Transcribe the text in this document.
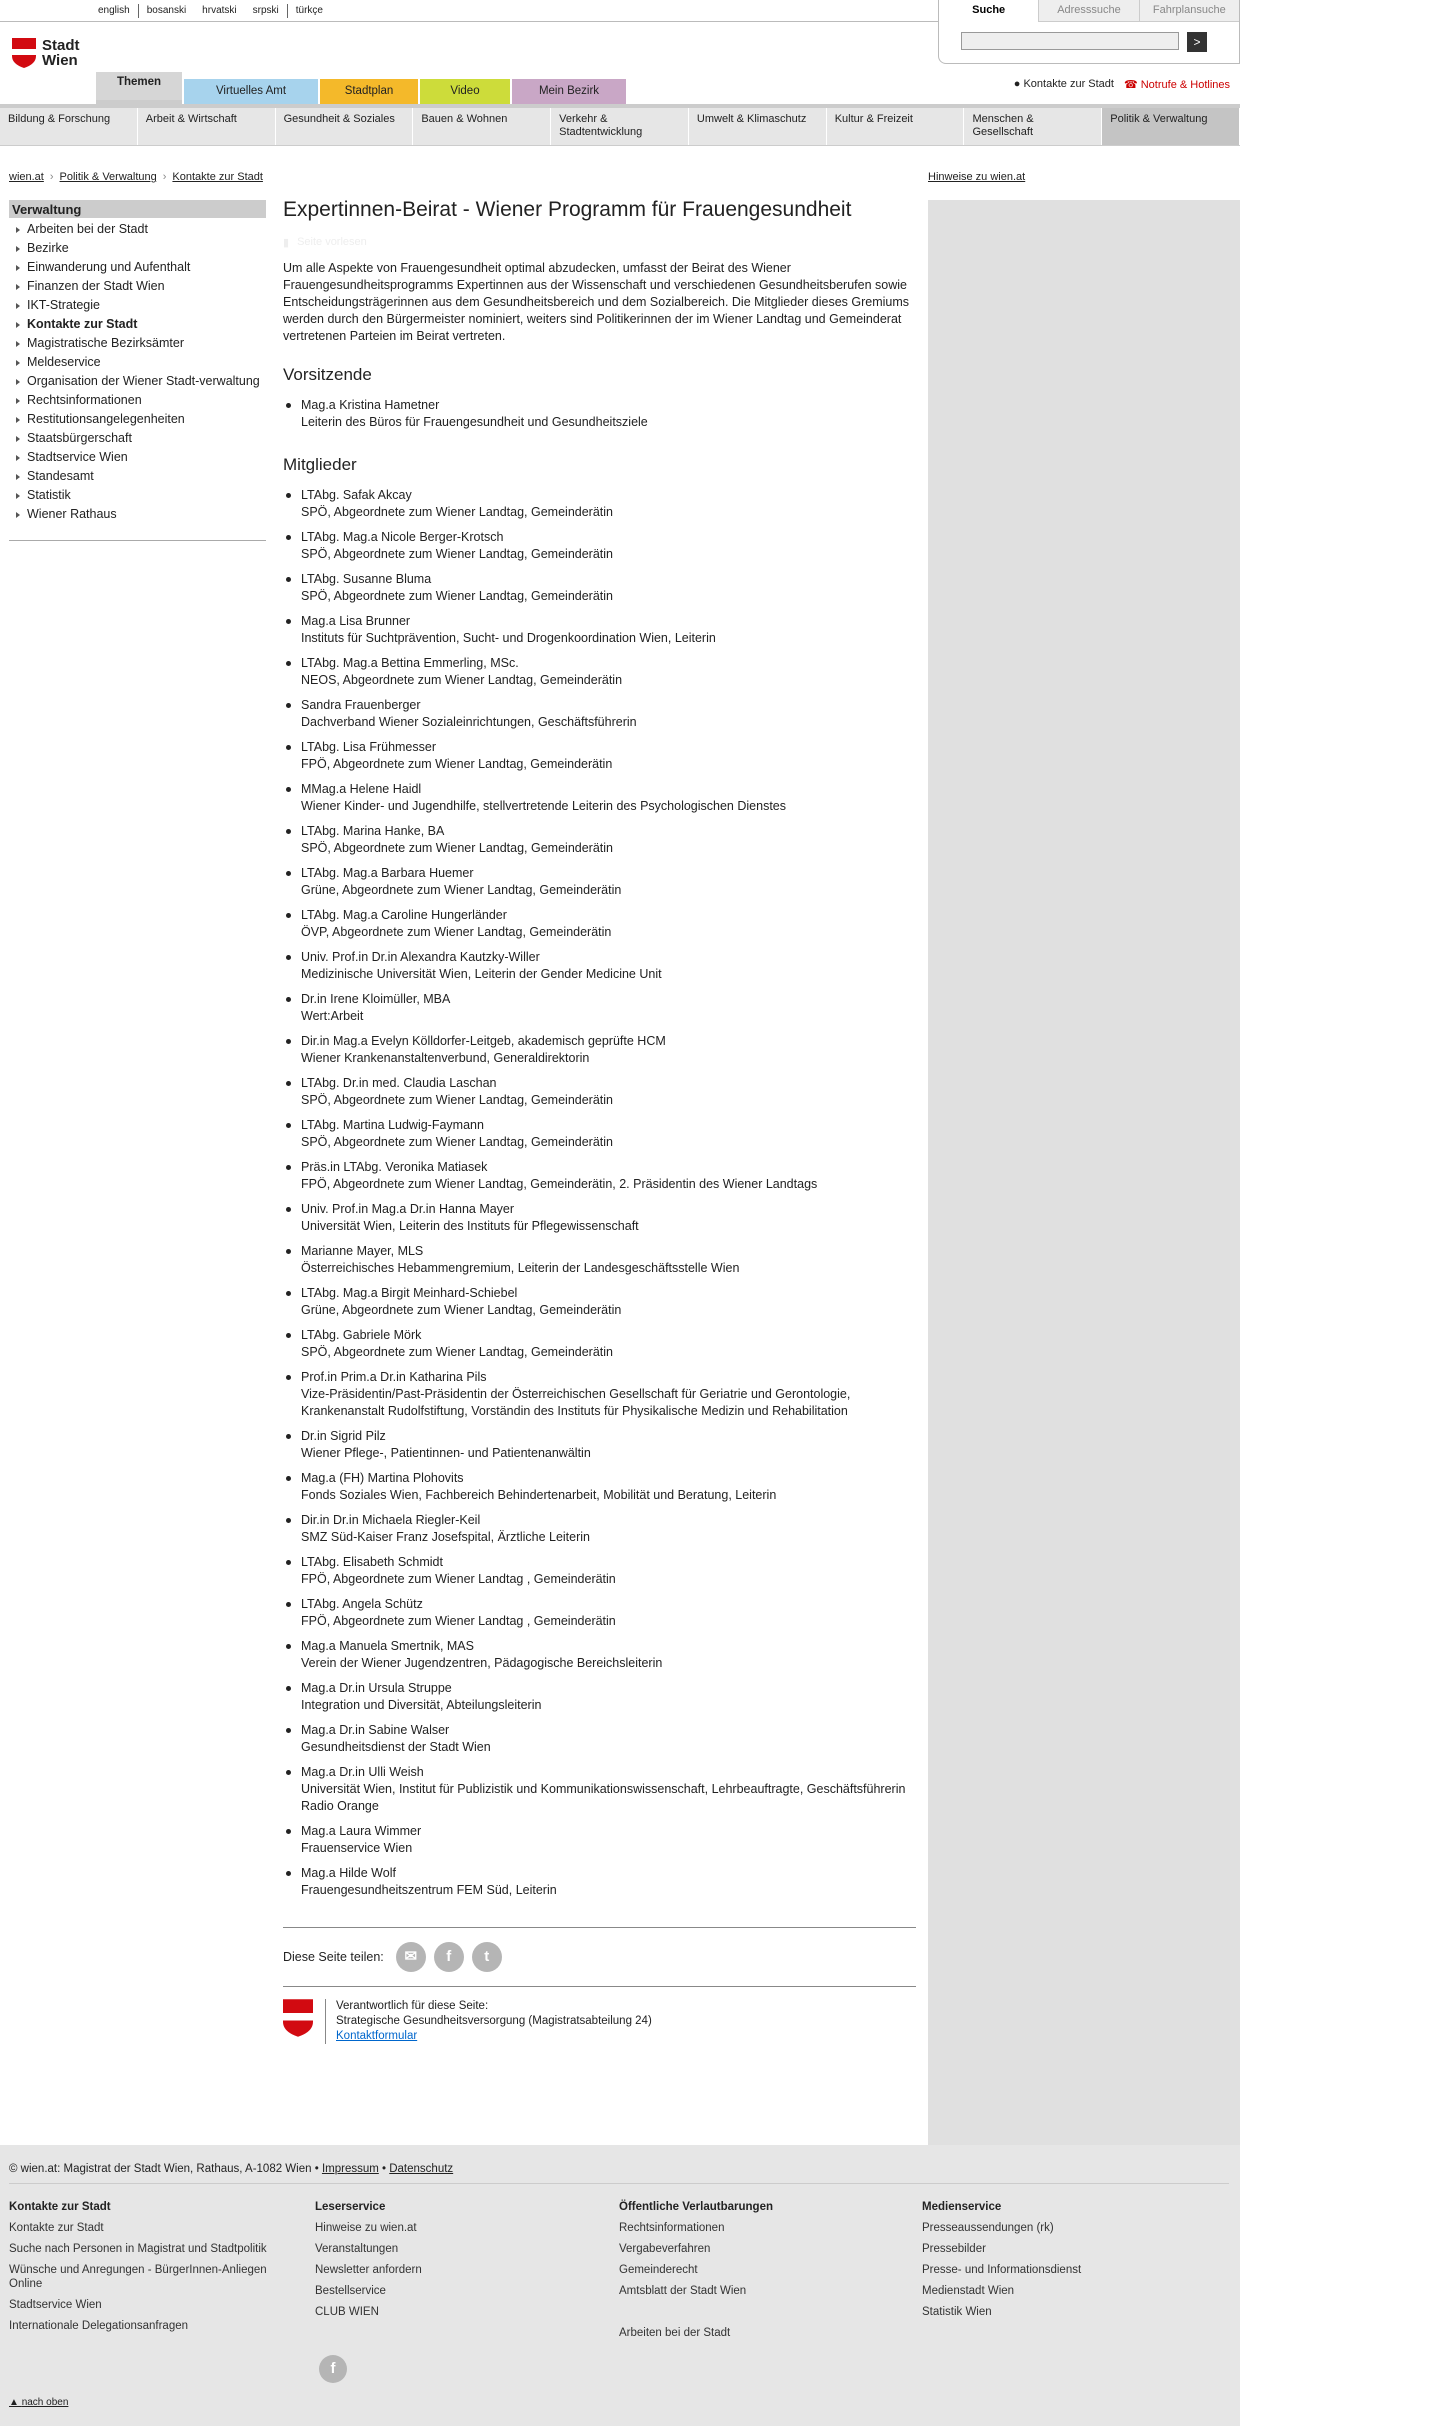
english	bosanski	hrvatski	srpski	türkçe
Stadt
Wien
Themen
Virtuelles Amt	Stadtplan	Video	Mein Bezirk
Suche	Adresssuche	Fahrplansuche
>
● Kontakte zur Stadt ☎ Notrufe & Hotlines
Bildung & Forschung	Arbeit & Wirtschaft	Gesundheit & Soziales	Bauen & Wohnen	Verkehr & Stadtentwicklung
Umwelt & Klimaschutz	Kultur & Freizeit	Menschen & Gesellschaft
Politik & Verwaltung
wien.at › Politik & Verwaltung › Kontakte zur Stadt	Hinweise zu wien.at
Verwaltung
Arbeiten bei der Stadt
Bezirke
Einwanderung und Aufenthalt
Finanzen der Stadt Wien
IKT-Strategie
Kontakte zur Stadt
Magistratische Bezirksämter
Meldeservice
Organisation der Wiener Stadt-verwaltung
Rechtsinformationen
Restitutionsangelegenheiten
Staatsbürgerschaft
Stadtservice Wien
Standesamt
Statistik
Wiener Rathaus
Expertinnen-Beirat - Wiener Programm für Frauengesundheit
▮ Seite vorlesen

Um alle Aspekte von Frauengesundheit optimal abzudecken, umfasst der Beirat des Wiener Frauengesundheitsprogramms Expertinnen aus der Wissenschaft und verschiedenen Gesundheitsberufen sowie Entscheidungsträgerinnen aus dem Gesundheitsbereich und dem Sozialbereich. Die Mitglieder dieses Gremiums werden durch den Bürgermeister nominiert, weiters sind Politikerinnen der im Wiener Landtag und Gemeinderat vertretenen Parteien im Beirat vertreten.

Vorsitzende
Mag.a Kristina Hametner
Leiterin des Büros für Frauengesundheit und Gesundheitsziele
Mitglieder
LTAbg. Safak Akcay
SPÖ, Abgeordnete zum Wiener Landtag, Gemeinderätin
LTAbg. Mag.a Nicole Berger-Krotsch
SPÖ, Abgeordnete zum Wiener Landtag, Gemeinderätin
LTAbg. Susanne Bluma
SPÖ, Abgeordnete zum Wiener Landtag, Gemeinderätin
Mag.a Lisa Brunner
Instituts für Suchtprävention, Sucht- und Drogenkoordination Wien, Leiterin
LTAbg. Mag.a Bettina Emmerling, MSc.
NEOS, Abgeordnete zum Wiener Landtag, Gemeinderätin
Sandra Frauenberger
Dachverband Wiener Sozialeinrichtungen, Geschäftsführerin
LTAbg. Lisa Frühmesser
FPÖ, Abgeordnete zum Wiener Landtag, Gemeinderätin
MMag.a Helene Haidl
Wiener Kinder- und Jugendhilfe, stellvertretende Leiterin des Psychologischen Dienstes
LTAbg. Marina Hanke, BA
SPÖ, Abgeordnete zum Wiener Landtag, Gemeinderätin
LTAbg. Mag.a Barbara Huemer
Grüne, Abgeordnete zum Wiener Landtag, Gemeinderätin
LTAbg. Mag.a Caroline Hungerländer
ÖVP, Abgeordnete zum Wiener Landtag, Gemeinderätin
Univ. Prof.in Dr.in Alexandra Kautzky-Willer
Medizinische Universität Wien, Leiterin der Gender Medicine Unit
Dr.in Irene Kloimüller, MBA
Wert:Arbeit
Dir.in Mag.a Evelyn Kölldorfer-Leitgeb, akademisch geprüfte HCM
Wiener Krankenanstaltenverbund, Generaldirektorin
LTAbg. Dr.in med. Claudia Laschan
SPÖ, Abgeordnete zum Wiener Landtag, Gemeinderätin
LTAbg. Martina Ludwig-Faymann
SPÖ, Abgeordnete zum Wiener Landtag, Gemeinderätin
Präs.in LTAbg. Veronika Matiasek
FPÖ, Abgeordnete zum Wiener Landtag, Gemeinderätin, 2. Präsidentin des Wiener Landtags
Univ. Prof.in Mag.a Dr.in Hanna Mayer
Universität Wien, Leiterin des Instituts für Pflegewissenschaft
Marianne Mayer, MLS
Österreichisches Hebammengremium, Leiterin der Landesgeschäftsstelle Wien
LTAbg. Mag.a Birgit Meinhard-Schiebel
Grüne, Abgeordnete zum Wiener Landtag, Gemeinderätin
LTAbg. Gabriele Mörk
SPÖ, Abgeordnete zum Wiener Landtag, Gemeinderätin
Prof.in Prim.a Dr.in Katharina Pils
Vize-Präsidentin/Past-Präsidentin der Österreichischen Gesellschaft für Geriatrie und Gerontologie, Krankenanstalt Rudolfstiftung, Vorständin des Instituts für Physikalische Medizin und Rehabilitation
Dr.in Sigrid Pilz
Wiener Pflege-, Patientinnen- und Patientenanwältin
Mag.a (FH) Martina Plohovits
Fonds Soziales Wien, Fachbereich Behindertenarbeit, Mobilität und Beratung, Leiterin
Dir.in Dr.in Michaela Riegler-Keil
SMZ Süd-Kaiser Franz Josefspital, Ärztliche Leiterin
LTAbg. Elisabeth Schmidt
FPÖ, Abgeordnete zum Wiener Landtag , Gemeinderätin
LTAbg. Angela Schütz
FPÖ, Abgeordnete zum Wiener Landtag , Gemeinderätin
Mag.a Manuela Smertnik, MAS
Verein der Wiener Jugendzentren, Pädagogische Bereichsleiterin
Mag.a Dr.in Ursula Struppe
Integration und Diversität, Abteilungsleiterin
Mag.a Dr.in Sabine Walser
Gesundheitsdienst der Stadt Wien
Mag.a Dr.in Ulli Weish
Universität Wien, Institut für Publizistik und Kommunikationswissenschaft, Lehrbeauftragte, Geschäftsführerin Radio Orange
Mag.a Laura Wimmer
Frauenservice Wien
Mag.a Hilde Wolf
Frauengesundheitszentrum FEM Süd, Leiterin
Diese Seite teilen:	✉	f	t
Verantwortlich für diese Seite:
Strategische Gesundheitsversorgung (Magistratsabteilung 24)
Kontaktformular
© wien.at: Magistrat der Stadt Wien, Rathaus, A-1082 Wien • Impressum • Datenschutz
Kontakte zur Stadt
Kontakte zur Stadt
Suche nach Personen in Magistrat und Stadtpolitik
Wünsche und Anregungen - BürgerInnen-Anliegen Online
Stadtservice Wien
Internationale Delegationsanfragen
Leserservice
Hinweise zu wien.at
Veranstaltungen
Newsletter anfordern
Bestellservice
CLUB WIEN
Öffentliche Verlautbarungen
Rechtsinformationen
Vergabeverfahren
Gemeinderecht
Amtsblatt der Stadt Wien
Arbeiten bei der Stadt
Medienservice
Presseaussendungen (rk)
Pressebilder
Presse- und Informationsdienst
Medienstadt Wien
Statistik Wien
f
▲ nach oben
